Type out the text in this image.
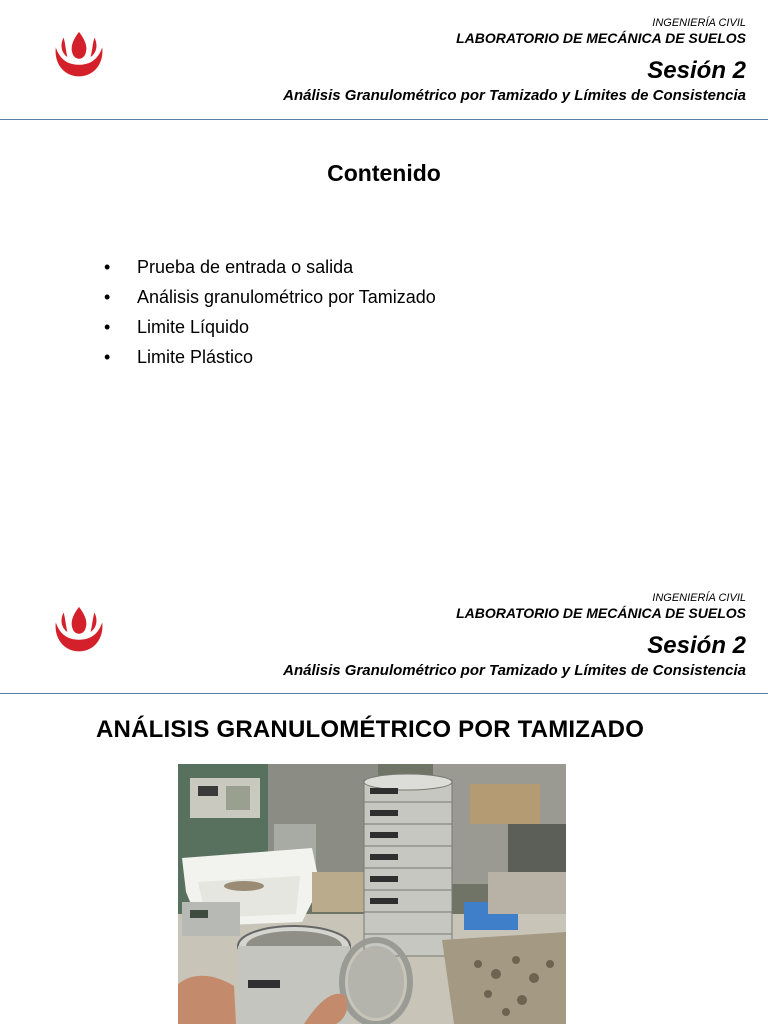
INGENIERÍA CIVIL
LABORATORIO DE MECÁNICA DE SUELOS
Sesión 2
Análisis Granulométrico por Tamizado y Límites de Consistencia
Contenido
• Prueba de entrada o salida
• Análisis granulométrico por Tamizado
• Limite Líquido
• Limite Plástico
INGENIERÍA CIVIL
LABORATORIO DE MECÁNICA DE SUELOS
Sesión 2
Análisis Granulométrico por Tamizado y Límites de Consistencia
ANÁLISIS GRANULOMÉTRICO POR TAMIZADO
